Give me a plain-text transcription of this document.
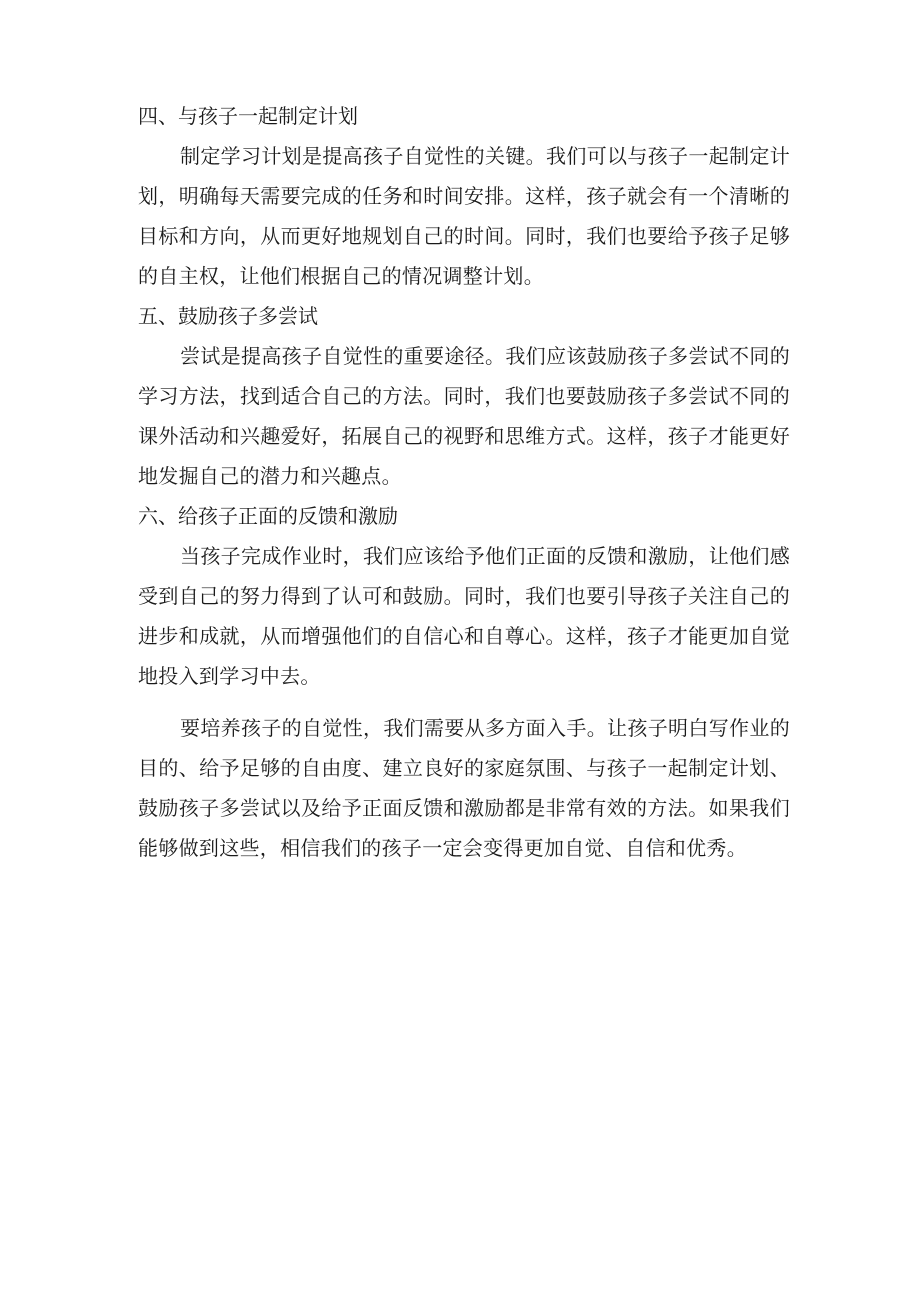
四、与孩子一起制定计划

制定学习计划是提高孩子自觉性的关键。我们可以与孩子一起制定计划，明确每天需要完成的任务和时间安排。这样，孩子就会有一个清晰的目标和方向，从而更好地规划自己的时间。同时，我们也要给予孩子足够的自主权，让他们根据自己的情况调整计划。

五、鼓励孩子多尝试

尝试是提高孩子自觉性的重要途径。我们应该鼓励孩子多尝试不同的学习方法，找到适合自己的方法。同时，我们也要鼓励孩子多尝试不同的课外活动和兴趣爱好，拓展自己的视野和思维方式。这样，孩子才能更好地发掘自己的潜力和兴趣点。

六、给孩子正面的反馈和激励

当孩子完成作业时，我们应该给予他们正面的反馈和激励，让他们感受到自己的努力得到了认可和鼓励。同时，我们也要引导孩子关注自己的进步和成就，从而增强他们的自信心和自尊心。这样，孩子才能更加自觉地投入到学习中去。

要培养孩子的自觉性，我们需要从多方面入手。让孩子明白写作业的目的、给予足够的自由度、建立良好的家庭氛围、与孩子一起制定计划、鼓励孩子多尝试以及给予正面反馈和激励都是非常有效的方法。如果我们能够做到这些，相信我们的孩子一定会变得更加自觉、自信和优秀。
